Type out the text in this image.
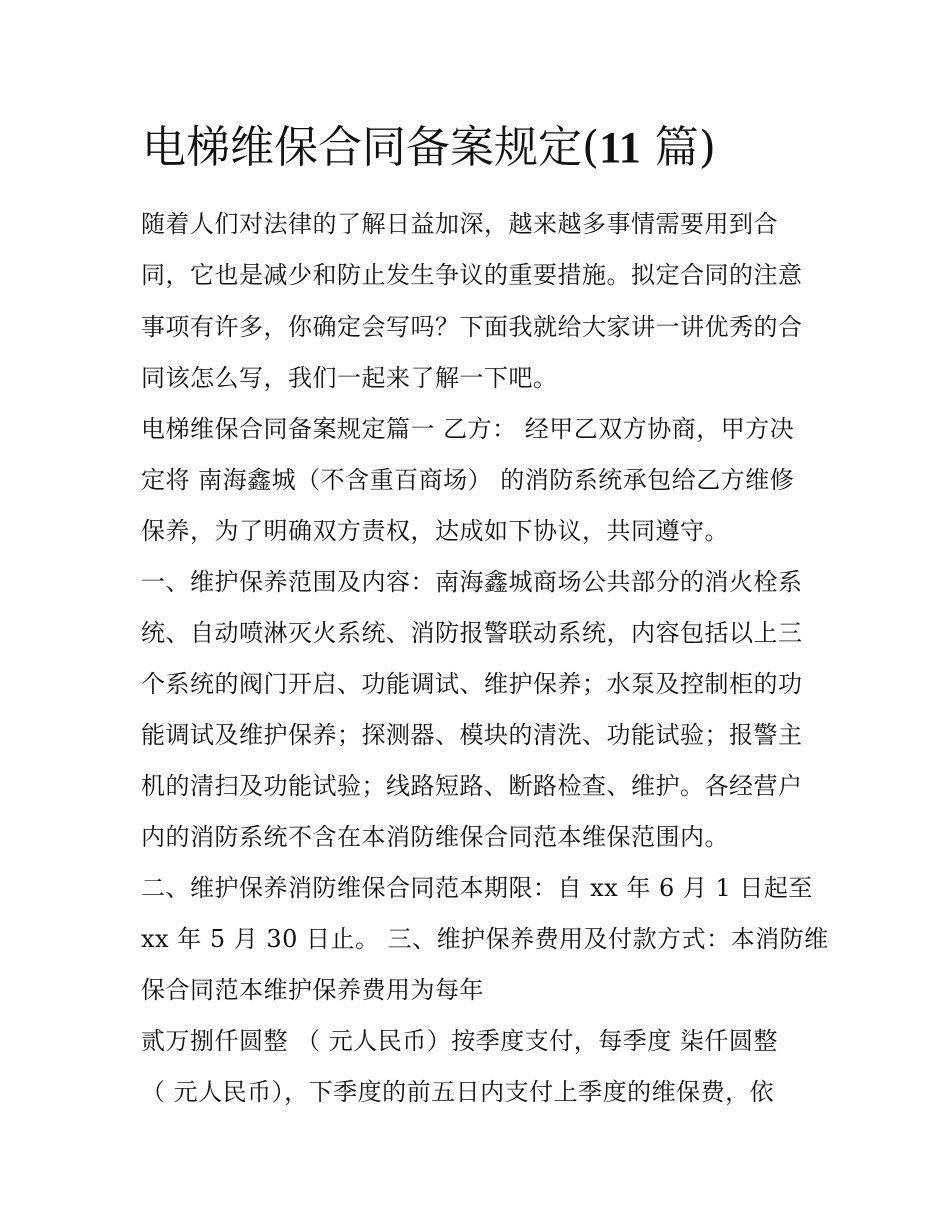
电梯维保合同备案规定(11 篇)

随着人们对法律的了解日益加深，越来越多事情需要用到合

同，它也是减少和防止发生争议的重要措施。拟定合同的注意

事项有许多，你确定会写吗？下面我就给大家讲一讲优秀的合

同该怎么写，我们一起来了解一下吧。

电梯维保合同备案规定篇一 乙方： 经甲乙双方协商，甲方决

定将 南海鑫城（不含重百商场） 的消防系统承包给乙方维修

保养，为了明确双方责权，达成如下协议，共同遵守。

一、维护保养范围及内容：南海鑫城商场公共部分的消火栓系

统、自动喷淋灭火系统、消防报警联动系统，内容包括以上三

个系统的阀门开启、功能调试、维护保养；水泵及控制柜的功

能调试及维护保养；探测器、模块的清洗、功能试验；报警主

机的清扫及功能试验；线路短路、断路检查、维护。各经营户

内的消防系统不含在本消防维保合同范本维保范围内。

二、维护保养消防维保合同范本期限：自 xx 年 6 月 1 日起至

xx 年 5 月 30 日止。 三、维护保养费用及付款方式：本消防维

保合同范本维护保养费用为每年

贰万捌仟圆整 （ 元人民币）按季度支付，每季度 柒仟圆整

（ 元人民币），下季度的前五日内支付上季度的维保费，依
